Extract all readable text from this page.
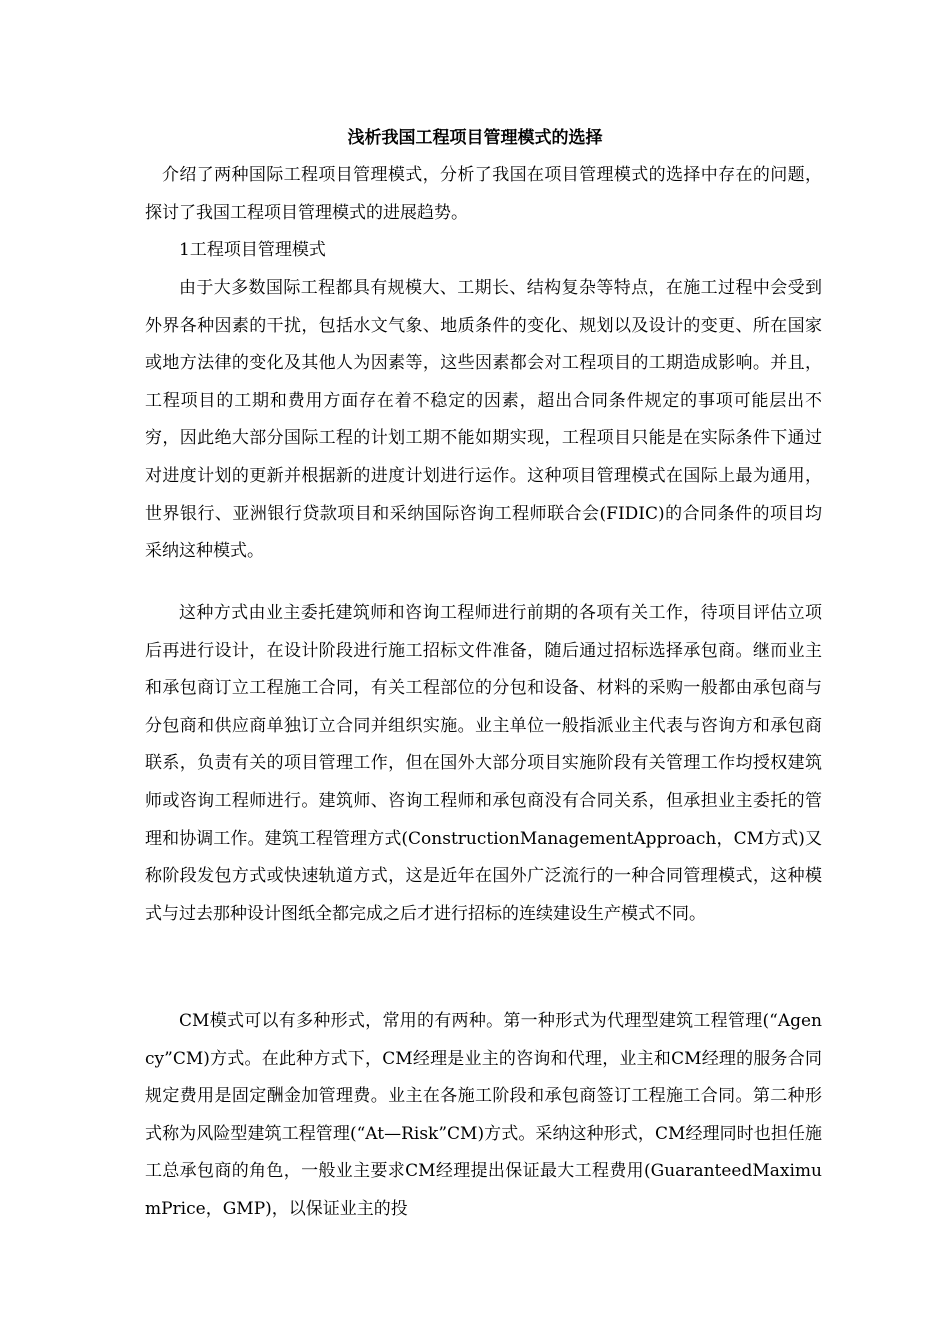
浅析我国工程项目管理模式的选择

介绍了两种国际工程项目管理模式，分析了我国在项目管理模式的选择中存在的问题，探讨了我国工程项目管理模式的进展趋势。

1工程项目管理模式

由于大多数国际工程都具有规模大、工期长、结构复杂等特点，在施工过程中会受到外界各种因素的干扰，包括水文气象、地质条件的变化、规划以及设计的变更、所在国家或地方法律的变化及其他人为因素等，这些因素都会对工程项目的工期造成影响。并且，工程项目的工期和费用方面存在着不稳定的因素，超出合同条件规定的事项可能层出不穷，因此绝大部分国际工程的计划工期不能如期实现，工程项目只能是在实际条件下通过对进度计划的更新并根据新的进度计划进行运作。这种项目管理模式在国际上最为通用，世界银行、亚洲银行贷款项目和采纳国际咨询工程师联合会(FIDIC)的合同条件的项目均采纳这种模式。

这种方式由业主委托建筑师和咨询工程师进行前期的各项有关工作，待项目评估立项后再进行设计，在设计阶段进行施工招标文件准备，随后通过招标选择承包商。继而业主和承包商订立工程施工合同，有关工程部位的分包和设备、材料的采购一般都由承包商与分包商和供应商单独订立合同并组织实施。业主单位一般指派业主代表与咨询方和承包商联系，负责有关的项目管理工作，但在国外大部分项目实施阶段有关管理工作均授权建筑师或咨询工程师进行。建筑师、咨询工程师和承包商没有合同关系，但承担业主委托的管理和协调工作。建筑工程管理方式(ConstructionManagementApproach，CM方式)又称阶段发包方式或快速轨道方式，这是近年在国外广泛流行的一种合同管理模式，这种模式与过去那种设计图纸全都完成之后才进行招标的连续建设生产模式不同。

CM模式可以有多种形式，常用的有两种。第一种形式为代理型建筑工程管理(“Agency”CM)方式。在此种方式下，CM经理是业主的咨询和代理，业主和CM经理的服务合同规定费用是固定酬金加管理费。业主在各施工阶段和承包商签订工程施工合同。第二种形式称为风险型建筑工程管理(“At—Risk”CM)方式。采纳这种形式，CM经理同时也担任施工总承包商的角色，一般业主要求CM经理提出保证最大工程费用(GuaranteedMaximumPrice，GMP)，以保证业主的投
